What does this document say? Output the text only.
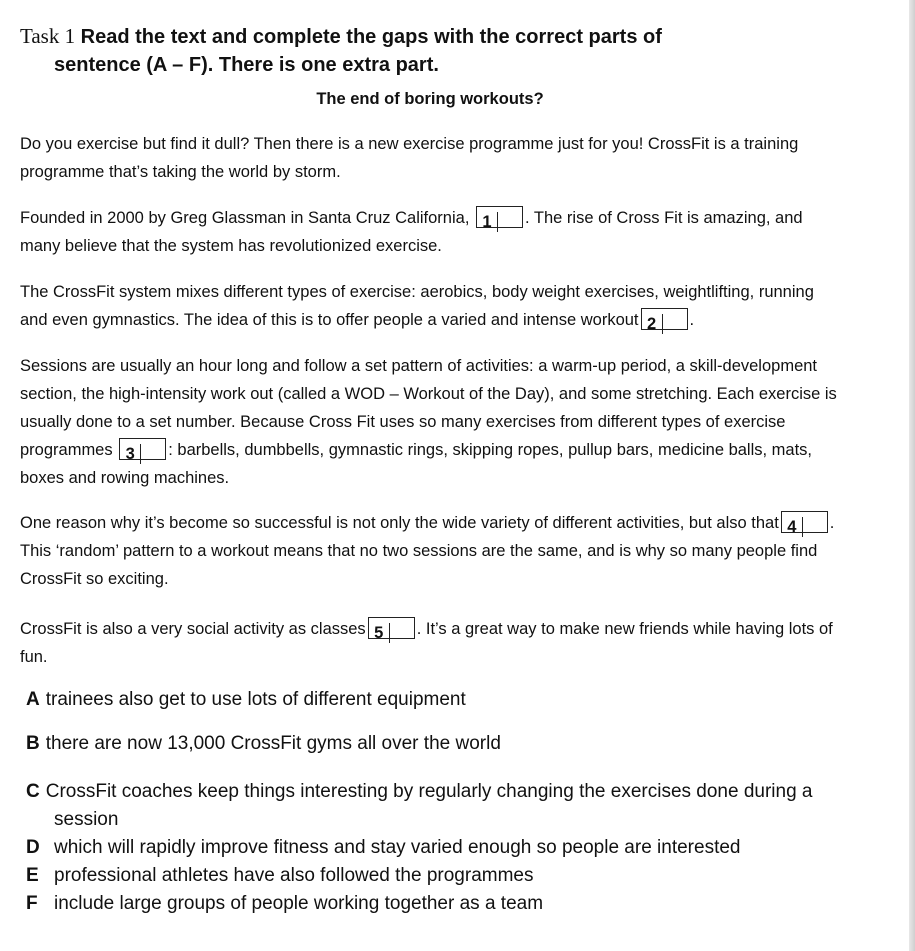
Task 1 Read the text and complete the gaps with the correct parts of
sentence (A – F). There is one extra part.
The end of boring workouts?

Do you exercise but find it dull? Then there is a new exercise programme just for you! CrossFit is a training programme that’s taking the world by storm.

Founded in 2000 by Greg Glassman in Santa Cruz California, 1 . The rise of Cross Fit is amazing, and many believe that the system has revolutionized exercise.

The CrossFit system mixes different types of exercise: aerobics, body weight exercises, weightlifting, running and even gymnastics. The idea of this is to offer people a varied and intense workout 2 .

Sessions are usually an hour long and follow a set pattern of activities: a warm-up period, a skill-development section, the high-intensity work out (called a WOD – Workout of the Day), and some stretching. Each exercise is usually done to a set number. Because Cross Fit uses so many exercises from different types of exercise programmes 3 : barbells, dumbbells, gymnastic rings, skipping ropes, pullup bars, medicine balls, mats, boxes and rowing machines.

One reason why it’s become so successful is not only the wide variety of different activities, but also that 4 . This ‘random’ pattern to a workout means that no two sessions are the same, and is why so many people find CrossFit so exciting.

CrossFit is also a very social activity as classes 5 . It’s a great way to make new friends while having lots of fun.

A trainees also get to use lots of different equipment
B there are now 13,000 CrossFit gyms all over the world
C CrossFit coaches keep things interesting by regularly changing the exercises done during a
session
D which will rapidly improve fitness and stay varied enough so people are interested
E professional athletes have also followed the programmes
F include large groups of people working together as a team
